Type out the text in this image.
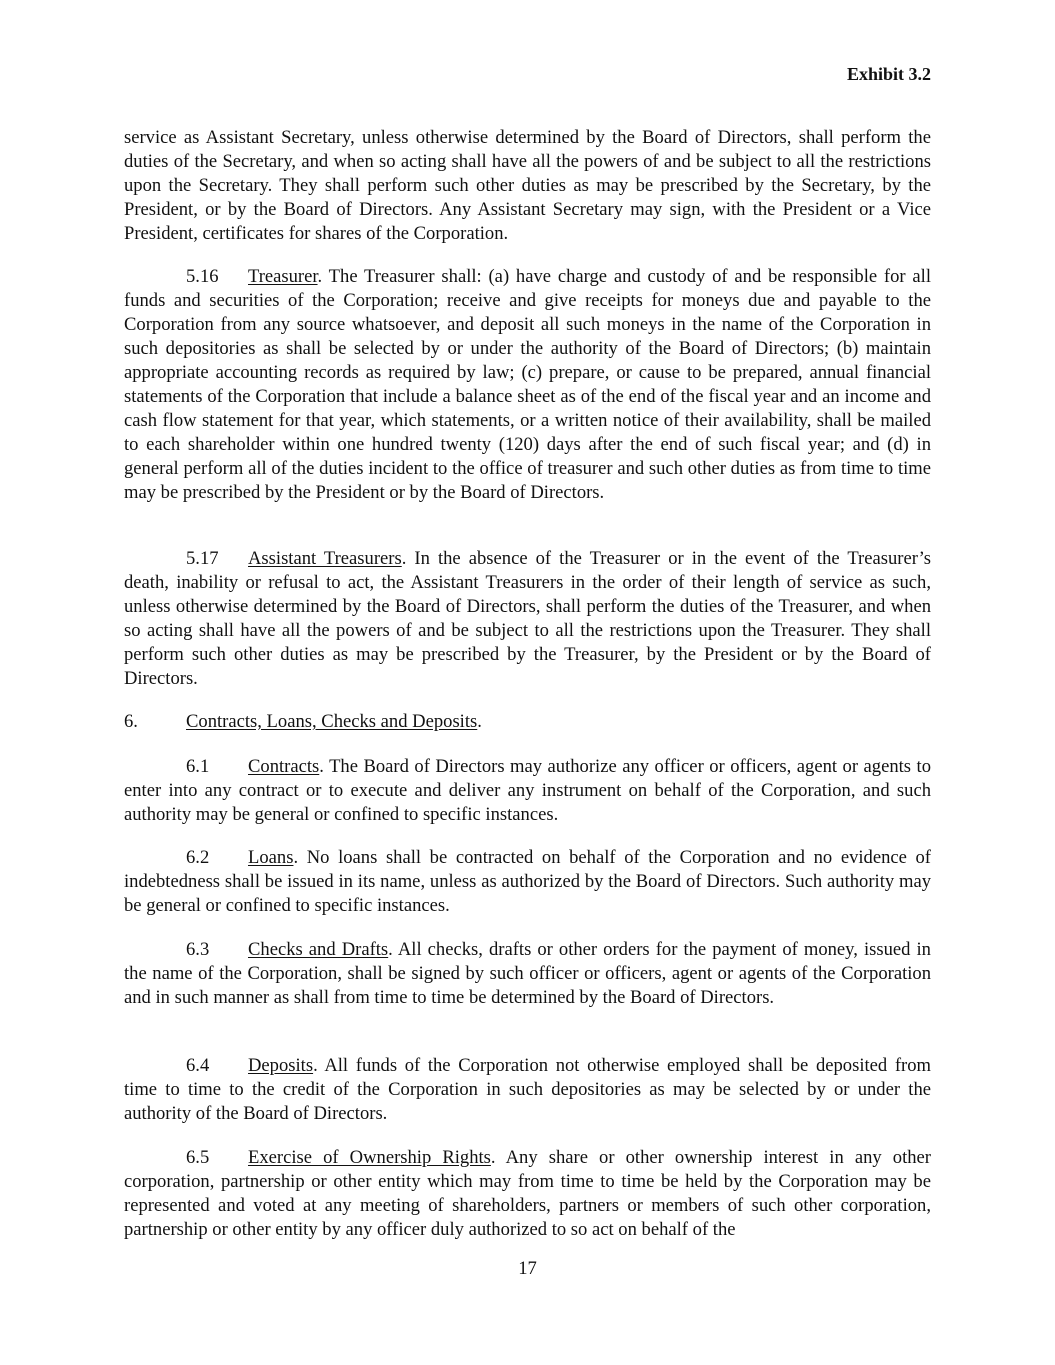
Exhibit 3.2

service as Assistant Secretary, unless otherwise determined by the Board of Directors, shall perform the duties of the Secretary, and when so acting shall have all the powers of and be subject to all the restrictions upon the Secretary. They shall perform such other duties as may be prescribed by the Secretary, by the President, or by the Board of Directors. Any Assistant Secretary may sign, with the President or a Vice President, certificates for shares of the Corporation.

5.16 Treasurer. The Treasurer shall: (a) have charge and custody of and be responsible for all funds and securities of the Corporation; receive and give receipts for moneys due and payable to the Corporation from any source whatsoever, and deposit all such moneys in the name of the Corporation in such depositories as shall be selected by or under the authority of the Board of Directors; (b) maintain appropriate accounting records as required by law; (c) prepare, or cause to be prepared, annual financial statements of the Corporation that include a balance sheet as of the end of the fiscal year and an income and cash flow statement for that year, which statements, or a written notice of their availability, shall be mailed to each shareholder within one hundred twenty (120) days after the end of such fiscal year; and (d) in general perform all of the duties incident to the office of treasurer and such other duties as from time to time may be prescribed by the President or by the Board of Directors.

5.17 Assistant Treasurers. In the absence of the Treasurer or in the event of the Treasurer’s death, inability or refusal to act, the Assistant Treasurers in the order of their length of service as such, unless otherwise determined by the Board of Directors, shall perform the duties of the Treasurer, and when so acting shall have all the powers of and be subject to all the restrictions upon the Treasurer. They shall perform such other duties as may be prescribed by the Treasurer, by the President or by the Board of Directors.

6.	Contracts, Loans, Checks and Deposits.

6.1 Contracts. The Board of Directors may authorize any officer or officers, agent or agents to enter into any contract or to execute and deliver any instrument on behalf of the Corporation, and such authority may be general or confined to specific instances.

6.2 Loans. No loans shall be contracted on behalf of the Corporation and no evidence of indebtedness shall be issued in its name, unless as authorized by the Board of Directors. Such authority may be general or confined to specific instances.

6.3 Checks and Drafts. All checks, drafts or other orders for the payment of money, issued in the name of the Corporation, shall be signed by such officer or officers, agent or agents of the Corporation and in such manner as shall from time to time be determined by the Board of Directors.

6.4 Deposits. All funds of the Corporation not otherwise employed shall be deposited from time to time to the credit of the Corporation in such depositories as may be selected by or under the authority of the Board of Directors.

6.5 Exercise of Ownership Rights. Any share or other ownership interest in any other corporation, partnership or other entity which may from time to time be held by the Corporation may be represented and voted at any meeting of shareholders, partners or members of such other corporation, partnership or other entity by any officer duly authorized to so act on behalf of the

17
